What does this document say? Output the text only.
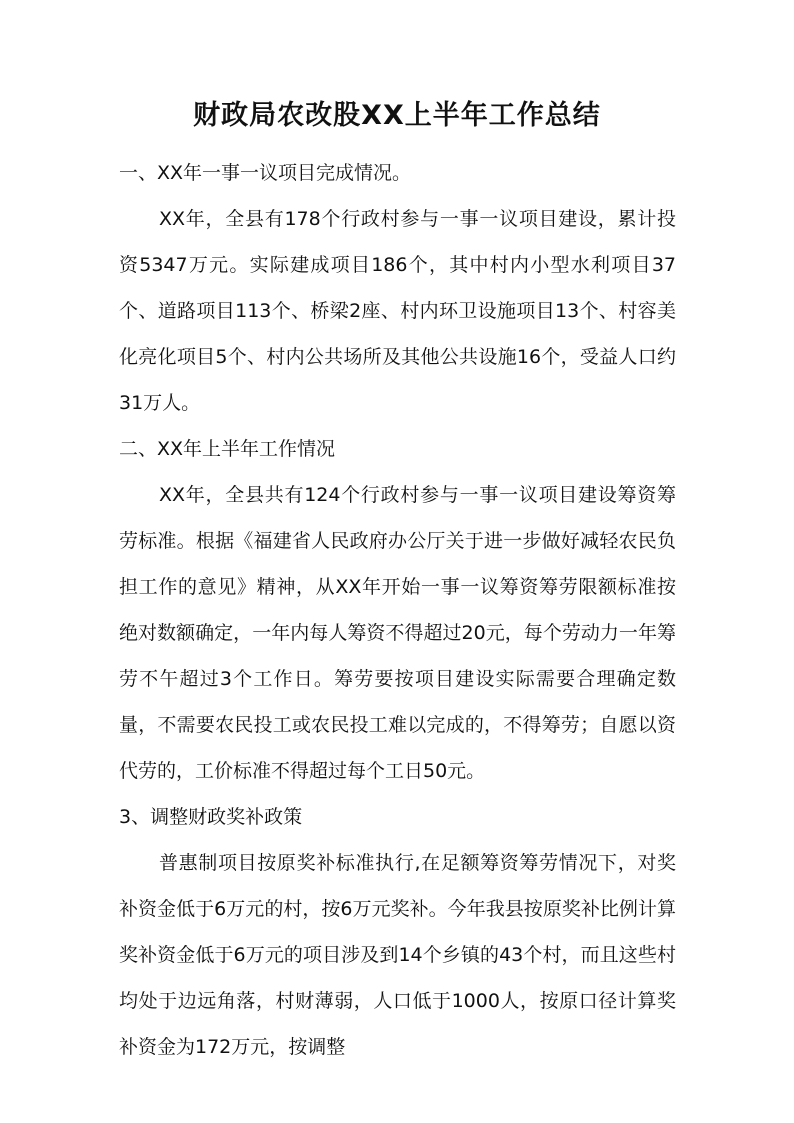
财政局农改股XX上半年工作总结
一、XX年一事一议项目完成情况。
XX年，全县有178个行政村参与一事一议项目建设，累计投资5347万元。实际建成项目186个，其中村内小型水利项目37个、道路项目113个、桥梁2座、村内环卫设施项目13个、村容美化亮化项目5个、村内公共场所及其他公共设施16个，受益人口约31万人。
二、XX年上半年工作情况
XX年，全县共有124个行政村参与一事一议项目建设筹资筹劳标准。根据《福建省人民政府办公厅关于进一步做好减轻农民负担工作的意见》精神，从XX年开始一事一议筹资筹劳限额标准按绝对数额确定，一年内每人筹资不得超过20元，每个劳动力一年筹劳不午超过3个工作日。筹劳要按项目建设实际需要合理确定数量，不需要农民投工或农民投工难以完成的，不得筹劳；自愿以资代劳的，工价标准不得超过每个工日50元。
3、调整财政奖补政策
普惠制项目按原奖补标准执行,在足额筹资筹劳情况下，对奖补资金低于6万元的村，按6万元奖补。今年我县按原奖补比例计算奖补资金低于6万元的项目涉及到14个乡镇的43个村，而且这些村均处于边远角落，村财薄弱，人口低于1000人，按原口径计算奖补资金为172万元，按调整
